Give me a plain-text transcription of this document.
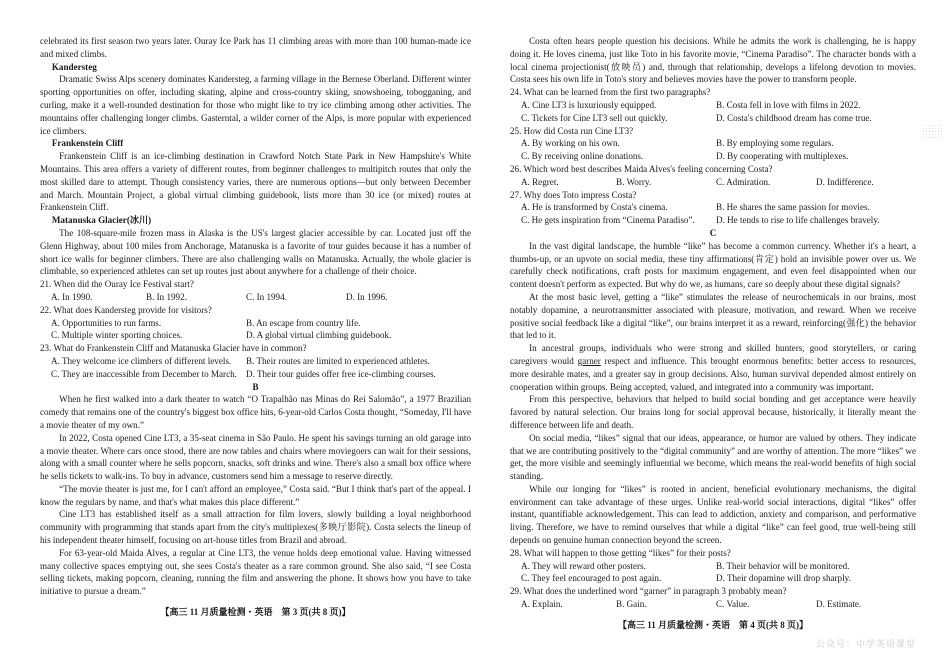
celebrated its first season two years later. Ouray Ice Park has 11 climbing areas with more than 100 human-made ice and mixed climbs.

Kandersteg

Dramatic Swiss Alps scenery dominates Kandersteg, a farming village in the Bernese Oberland. Different winter sporting opportunities on offer, including skating, alpine and cross-country skiing, snowshoeing, tobogganing, and curling, make it a well-rounded destination for those who might like to try ice climbing among other activities. The mountains offer challenging longer climbs. Gasterntal, a wilder corner of the Alps, is more popular with experienced ice climbers.

Frankenstein Cliff

Frankenstein Cliff is an ice-climbing destination in Crawford Notch State Park in New Hampshire's White Mountains. This area offers a variety of different routes, from beginner challenges to multipitch routes that only the most skilled dare to attempt. Though consistency varies, there are numerous options—but only between December and March. Mountain Project, a global virtual climbing guidebook, lists more than 30 ice (or mixed) routes at Frankenstein Cliff.

Matanuska Glacier(冰川)

The 108-square-mile frozen mass in Alaska is the US's largest glacier accessible by car. Located just off the Glenn Highway, about 100 miles from Anchorage, Matanuska is a favorite of tour guides because it has a number of short ice walls for beginner climbers. There are also challenging walls on Matanuska. Actually, the whole glacier is climbable, so experienced athletes can set up routes just about anywhere for a challenge of their choice.

21. When did the Ouray Ice Festival start?

A. In 1990.	B. In 1992.	C. In 1994.	D. In 1996.

22. What does Kandersteg provide for visitors?

A. Opportunities to run farms.	B. An escape from country life.
C. Multiple winter sporting choices.	D. A global virtual climbing guidebook.

23. What do Frankenstein Cliff and Matanuska Glacier have in common?

A. They welcome ice climbers of different levels.	B. Their routes are limited to experienced athletes.
C. They are inaccessible from December to March. D. Their tour guides offer free ice-climbing courses.

B

When he first walked into a dark theater to watch “O Trapalhão nas Minas do Rei Salomão”, a 1977 Brazilian comedy that remains one of the country's biggest box office hits, 6-year-old Carlos Costa thought, “Someday, I'll have a movie theater of my own.”

In 2022, Costa opened Cine LT3, a 35-seat cinema in São Paulo. He spent his savings turning an old garage into a movie theater. Where cars once stood, there are now tables and chairs where moviegoers can wait for their sessions, along with a small counter where he sells popcorn, snacks, soft drinks and wine. There's also a small box office where he sells tickets to walk-ins. To buy in advance, customers send him a message to reserve directly.

“The movie theater is just me, for I can't afford an employee,” Costa said. “But I think that's part of the appeal. I know the regulars by name, and that's what makes this place different.”

Cine LT3 has established itself as a small attraction for film lovers, slowly building a loyal neighborhood community with programming that stands apart from the city's multiplexes(多映厅影院). Costa selects the lineup of his independent theater himself, focusing on art-house titles from Brazil and abroad.

For 63-year-old Maida Alves, a regular at Cine LT3, the venue holds deep emotional value. Having witnessed many collective spaces emptying out, she sees Costa's theater as a rare common ground. She also said, “I see Costa selling tickets, making popcorn, cleaning, running the film and answering the phone. It shows how you have to take initiative to pursue a dream.”

【高三 11 月质量检测・英语　第 3 页(共 8 页)】

Costa often hears people question his decisions. While he admits the work is challenging, he is happy doing it. He loves cinema, just like Toto in his favorite movie, “Cinema Paradiso”. The character bonds with a local cinema projectionist(放映员) and, through that relationship, develops a lifelong devotion to movies. Costa sees his own life in Toto's story and believes movies have the power to transform people.

24. What can be learned from the first two paragraphs?

A. Cine LT3 is luxuriously equipped.	B. Costa fell in love with films in 2022.
C. Tickets for Cine LT3 sell out quickly.	D. Costa's childhood dream has come true.

25. How did Costa run Cine LT3?

A. By working on his own.	B. By employing some regulars.
C. By receiving online donations.	D. By cooperating with multiplexes.

26. Which word best describes Maida Alves's feeling concerning Costa?

A. Regret.	B. Worry.	C. Admiration.	D. Indifference.

27. Why does Toto impress Costa?

A. He is transformed by Costa's cinema.	B. He shares the same passion for movies.
C. He gets inspiration from “Cinema Paradiso”.	D. He tends to rise to life challenges bravely.

C

In the vast digital landscape, the humble “like” has become a common currency. Whether it's a heart, a thumbs-up, or an upvote on social media, these tiny affirmations(肯定) hold an invisible power over us. We carefully check notifications, craft posts for maximum engagement, and even feel disappointed when our content doesn't perform as expected. But why do we, as humans, care so deeply about these digital signals?

At the most basic level, getting a “like” stimulates the release of neurochemicals in our brains, most notably dopamine, a neurotransmitter associated with pleasure, motivation, and reward. When we receive positive social feedback like a digital “like”, our brains interpret it as a reward, reinforcing(强化) the behavior that led to it.

In ancestral groups, individuals who were strong and skilled hunters, good storytellers, or caring caregivers would garner respect and influence. This brought enormous benefits: better access to resources, more desirable mates, and a greater say in group decisions. Also, human survival depended almost entirely on cooperation within groups. Being accepted, valued, and integrated into a community was important.

From this perspective, behaviors that helped to build social bonding and get acceptance were heavily favored by natural selection. Our brains long for social approval because, historically, it literally meant the difference between life and death.

On social media, “likes” signal that our ideas, appearance, or humor are valued by others. They indicate that we are contributing positively to the “digital community” and are worthy of attention. The more “likes” we get, the more visible and seemingly influential we become, which means the real-world benefits of high social standing.

While our longing for “likes” is rooted in ancient, beneficial evolutionary mechanisms, the digital environment can take advantage of these urges. Unlike real-world social interactions, digital “likes” offer instant, quantifiable acknowledgement. This can lead to addiction, anxiety and comparison, and performative living. Therefore, we have to remind ourselves that while a digital “like” can feel good, true well-being still depends on genuine human connection beyond the screen.

28. What will happen to those getting “likes” for their posts?

A. They will reward other posters.	B. Their behavior will be monitored.
C. They feel encouraged to post again.	D. Their dopamine will drop sharply.

29. What does the underlined word “garner” in paragraph 3 probably mean?

A. Explain.	B. Gain.	C. Value.	D. Estimate.
【高三 11 月质量检测・英语　第 4 页(共 8 页)】
公众号：中学英语课堂
